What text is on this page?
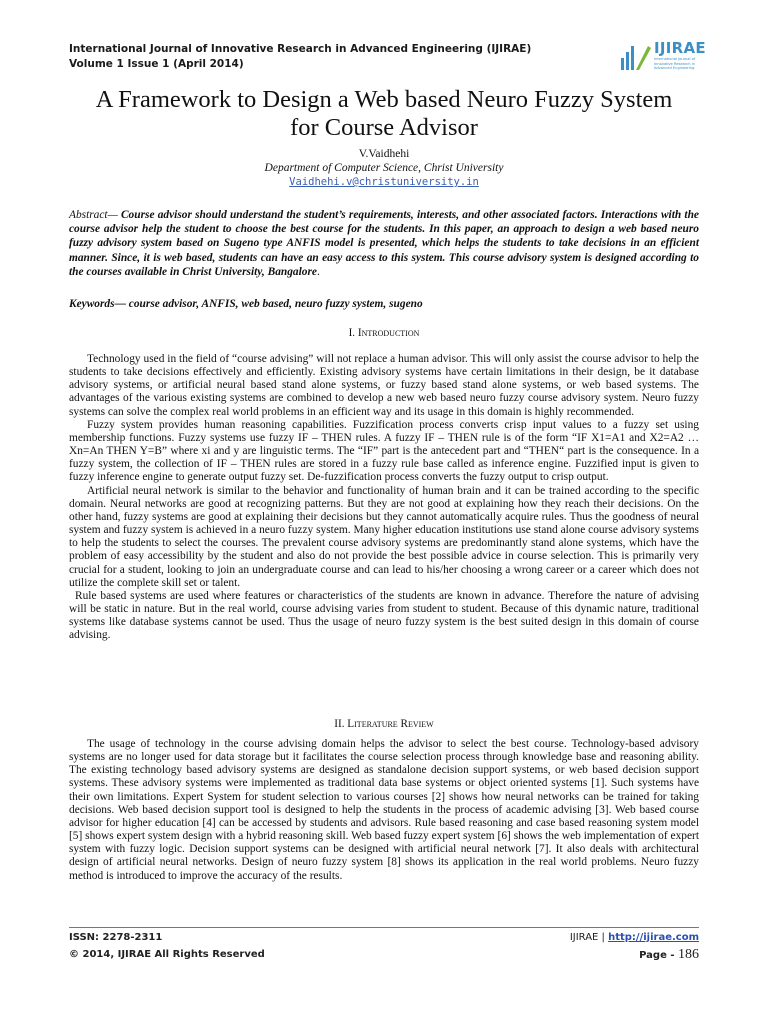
International Journal of Innovative Research in Advanced Engineering (IJIRAE)
Volume 1 Issue 1 (April 2014)
IJIRAE
International Journal of Innovative Research in Advanced Engineering
A Framework to Design a Web based Neuro Fuzzy System
for Course Advisor
V.Vaidhehi
Department of Computer Science, Christ University
Vaidhehi.v@christuniversity.in
Abstract— Course advisor should understand the student’s requirements, interests, and other associated factors. Interactions with the course advisor help the student to choose the best course for the students. In this paper, an approach to design a web based neuro fuzzy advisory system based on Sugeno type ANFIS model is presented, which helps the students to take decisions in an efficient manner. Since, it is web based, students can have an easy access to this system. This course advisory system is designed according to the courses available in Christ University, Bangalore.
Keywords— course advisor, ANFIS, web based, neuro fuzzy system, sugeno
I. Introduction

Technology used in the field of “course advising” will not replace a human advisor. This will only assist the course advisor to help the students to take decisions effectively and efficiently. Existing advisory systems have certain limitations in their design, be it database advisory systems, or artificial neural based stand alone systems, or fuzzy based stand alone systems, or web based systems. The advantages of the various existing systems are combined to develop a new web based neuro fuzzy course advisory system. Neuro fuzzy systems can solve the complex real world problems in an efficient way and its usage in this domain is highly recommended.

Fuzzy system provides human reasoning capabilities. Fuzzification process converts crisp input values to a fuzzy set using membership functions. Fuzzy systems use fuzzy IF – THEN rules. A fuzzy IF – THEN rule is of the form “IF X1=A1 and X2=A2 … Xn=An THEN Y=B” where xi and y are linguistic terms. The “IF” part is the antecedent part and “THEN“ part is the consequence. In a fuzzy system, the collection of IF – THEN rules are stored in a fuzzy rule base called as inference engine. Fuzzified input is given to fuzzy inference engine to generate output fuzzy set. De-fuzzification process converts the fuzzy output to crisp output.

Artificial neural network is similar to the behavior and functionality of human brain and it can be trained according to the specific domain. Neural networks are good at recognizing patterns. But they are not good at explaining how they reach their decisions. On the other hand, fuzzy systems are good at explaining their decisions but they cannot automatically acquire rules. Thus the goodness of neural system and fuzzy system is achieved in a neuro fuzzy system. Many higher education institutions use stand alone course advisory systems to help the students to select the courses. The prevalent course advisory systems are predominantly stand alone systems, which have the problem of easy accessibility by the student and also do not provide the best possible advice in course selection. This is primarily very crucial for a student, looking to join an undergraduate course and can lead to his/her choosing a wrong career or a career which does not utilize the complete skill set or talent.

Rule based systems are used where features or characteristics of the students are known in advance. Therefore the nature of advising will be static in nature. But in the real world, course advising varies from student to student. Because of this dynamic nature, traditional systems like database systems cannot be used. Thus the usage of neuro fuzzy system is the best suited design in this domain of course advising.

II. Literature Review

The usage of technology in the course advising domain helps the advisor to select the best course. Technology-based advisory systems are no longer used for data storage but it facilitates the course selection process through knowledge base and reasoning ability. The existing technology based advisory systems are designed as standalone decision support systems, or web based decision support systems. These advisory systems were implemented as traditional data base systems or object oriented systems [1]. Such systems have their own limitations. Expert System for student selection to various courses [2] shows how neural networks can be trained for taking decisions. Web based decision support tool is designed to help the students in the process of academic advising [3]. Web based course advisor for higher education [4] can be accessed by students and advisors. Rule based reasoning and case based reasoning system model [5] shows expert system design with a hybrid reasoning skill. Web based fuzzy expert system [6] shows the web implementation of expert system with fuzzy logic. Decision support systems can be designed with artificial neural network [7]. It also deals with architectural design of artificial neural networks. Design of neuro fuzzy system [8] shows its application in the real world problems. Neuro fuzzy method is introduced to improve the accuracy of the results.

ISSN: 2278-2311	IJIRAE | http://ijirae.com
© 2014, IJIRAE All Rights Reserved	Page - 186
